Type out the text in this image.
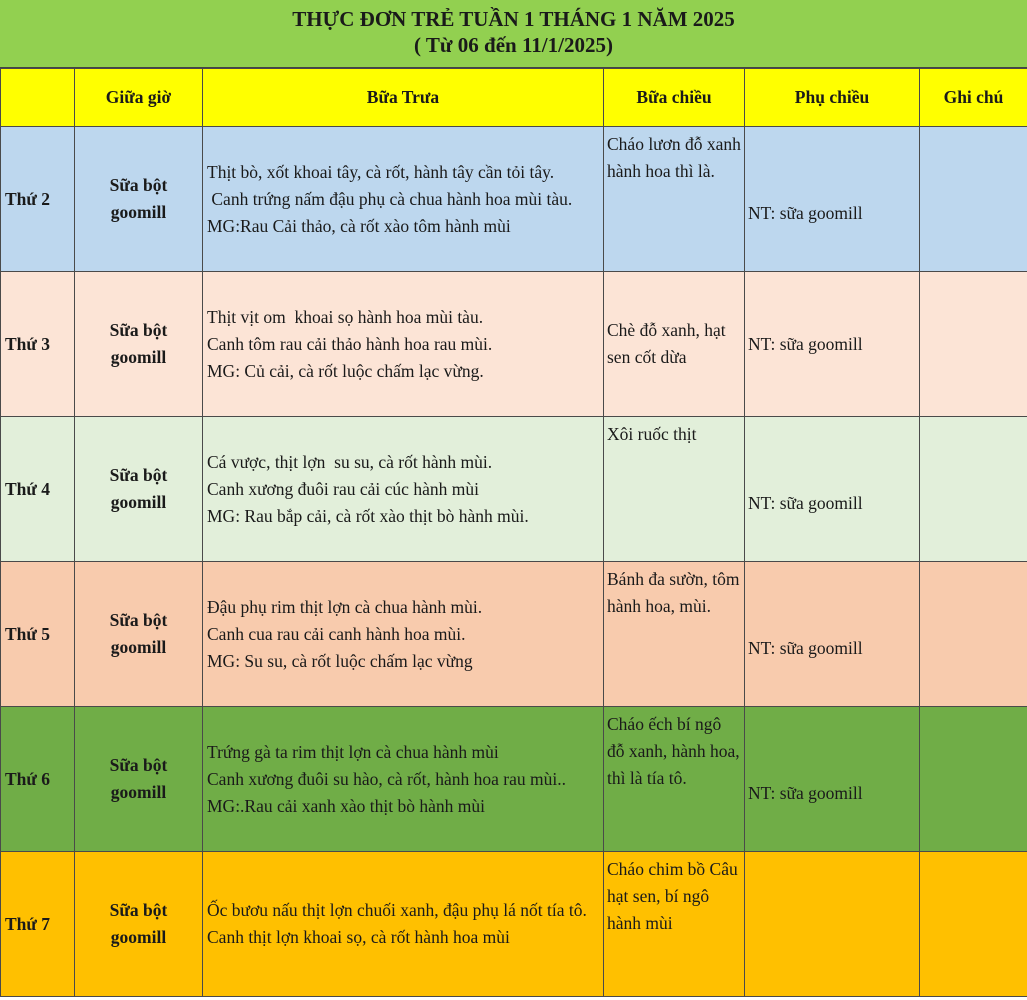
THỰC ĐƠN TRẺ TUẦN 1 THÁNG 1 NĂM 2025
( Từ 06 đến 11/1/2025)
	Giữa giờ	Bữa Trưa	Bữa chiều	Phụ chiều	Ghi chú
Thứ 2	Sữa bột goomill	Thịt bò, xốt khoai tây, cà rốt, hành tây cần tỏi tây.
Canh trứng nấm đậu phụ cà chua hành hoa mùi tàu.
MG:Rau Cải thảo, cà rốt xào tôm hành mùi	Cháo lươn đỗ xanh hành hoa thì là.	NT: sữa goomill	
Thứ 3	Sữa bột goomill	Thịt vịt om  khoai sọ hành hoa mùi tàu.
Canh tôm rau cải thảo hành hoa rau mùi.
MG: Củ cải, cà rốt luộc chấm lạc vừng.	Chè đỗ xanh, hạt sen cốt dừa	NT: sữa goomill	
Thứ 4	Sữa bột goomill	Cá vược, thịt lợn  su su, cà rốt hành mùi.
Canh xương đuôi rau cải cúc hành mùi
MG: Rau bắp cải, cà rốt xào thịt bò hành mùi.	Xôi ruốc thịt	NT: sữa goomill	
Thứ 5	Sữa bột goomill	Đậu phụ rim thịt lợn cà chua hành mùi.
Canh cua rau cải canh hành hoa mùi.
MG: Su su, cà rốt luộc chấm lạc vừng	Bánh đa sườn, tôm hành hoa, mùi.	NT: sữa goomill	
Thứ 6	Sữa bột goomill	Trứng gà ta rim thịt lợn cà chua hành mùi
Canh xương đuôi su hào, cà rốt, hành hoa rau mùi..
MG:.Rau cải xanh xào thịt bò hành mùi	Cháo ếch bí ngô đỗ xanh, hành hoa, thì là tía tô.	NT: sữa goomill	
Thứ 7	Sữa bột goomill	Ốc bươu nấu thịt lợn chuối xanh, đậu phụ lá nốt tía tô.
Canh thịt lợn khoai sọ, cà rốt hành hoa mùi	Cháo chim bồ Câu hạt sen, bí ngô hành mùi		
